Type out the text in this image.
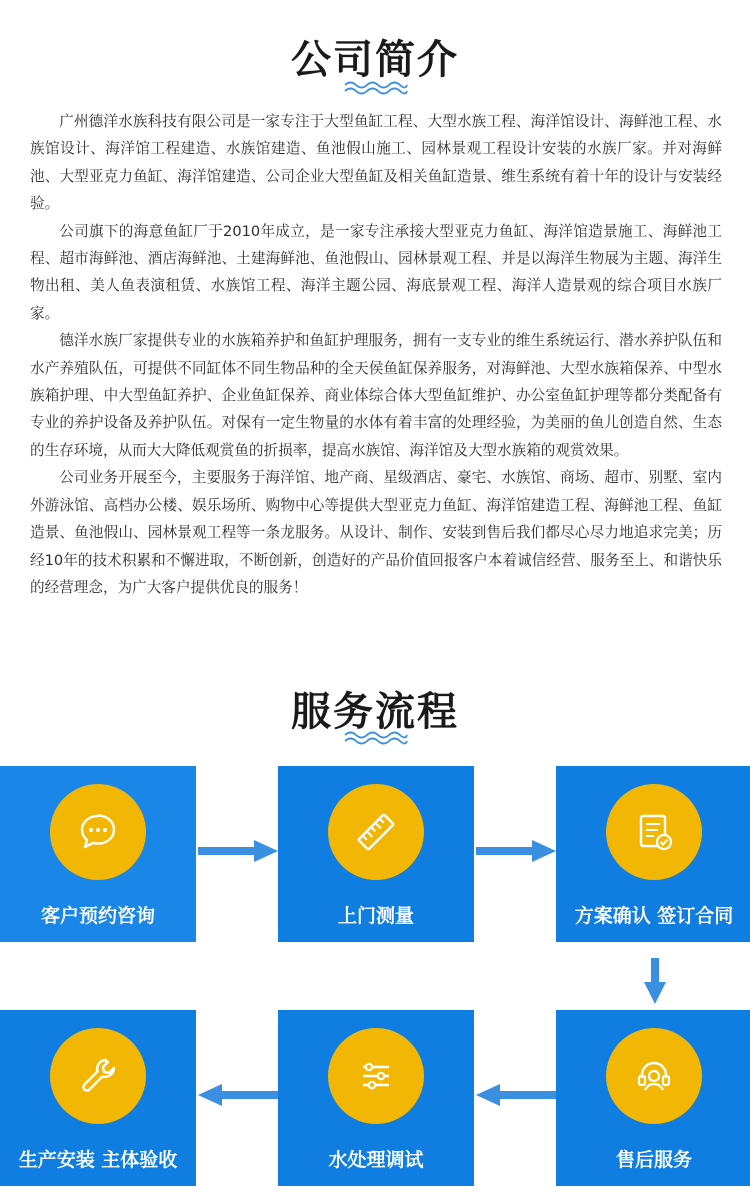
公司简介

广州德洋水族科技有限公司是一家专注于大型鱼缸工程、大型水族工程、海洋馆设计、海鲜池工程、水族馆设计、海洋馆工程建造、水族馆建造、鱼池假山施工、园林景观工程设计安装的水族厂家。并对海鲜池、大型亚克力鱼缸、海洋馆建造、公司企业大型鱼缸及相关鱼缸造景、维生系统有着十年的设计与安装经验。

公司旗下的海意鱼缸厂于2010年成立，是一家专注承接大型亚克力鱼缸、海洋馆造景施工、海鲜池工程、超市海鲜池、酒店海鲜池、土建海鲜池、鱼池假山、园林景观工程、并是以海洋生物展为主题、海洋生物出租、美人鱼表演租赁、水族馆工程、海洋主题公园、海底景观工程、海洋人造景观的综合项目水族厂家。

德洋水族厂家提供专业的水族箱养护和鱼缸护理服务，拥有一支专业的维生系统运行、潜水养护队伍和水产养殖队伍，可提供不同缸体不同生物品种的全天侯鱼缸保养服务，对海鲜池、大型水族箱保养、中型水族箱护理、中大型鱼缸养护、企业鱼缸保养、商业体综合体大型鱼缸维护、办公室鱼缸护理等都分类配备有专业的养护设备及养护队伍。对保有一定生物量的水体有着丰富的处理经验，为美丽的鱼儿创造自然、生态的生存环境，从而大大降低观赏鱼的折损率，提高水族馆、海洋馆及大型水族箱的观赏效果。

公司业务开展至今，主要服务于海洋馆、地产商、星级酒店、豪宅、水族馆、商场、超市、别墅、室内外游泳馆、高档办公楼、娱乐场所、购物中心等提供大型亚克力鱼缸、海洋馆建造工程、海鲜池工程、鱼缸造景、鱼池假山、园林景观工程等一条龙服务。从设计、制作、安装到售后我们都尽心尽力地追求完美；历经10年的技术积累和不懈进取，不断创新，创造好的产品价值回报客户本着诚信经营、服务至上、和谐快乐的经营理念，为广大客户提供优良的服务！

服务流程
客户预约咨询	上门测量	方案确认 签订合同
生产安装 主体验收	水处理调试	售后服务
